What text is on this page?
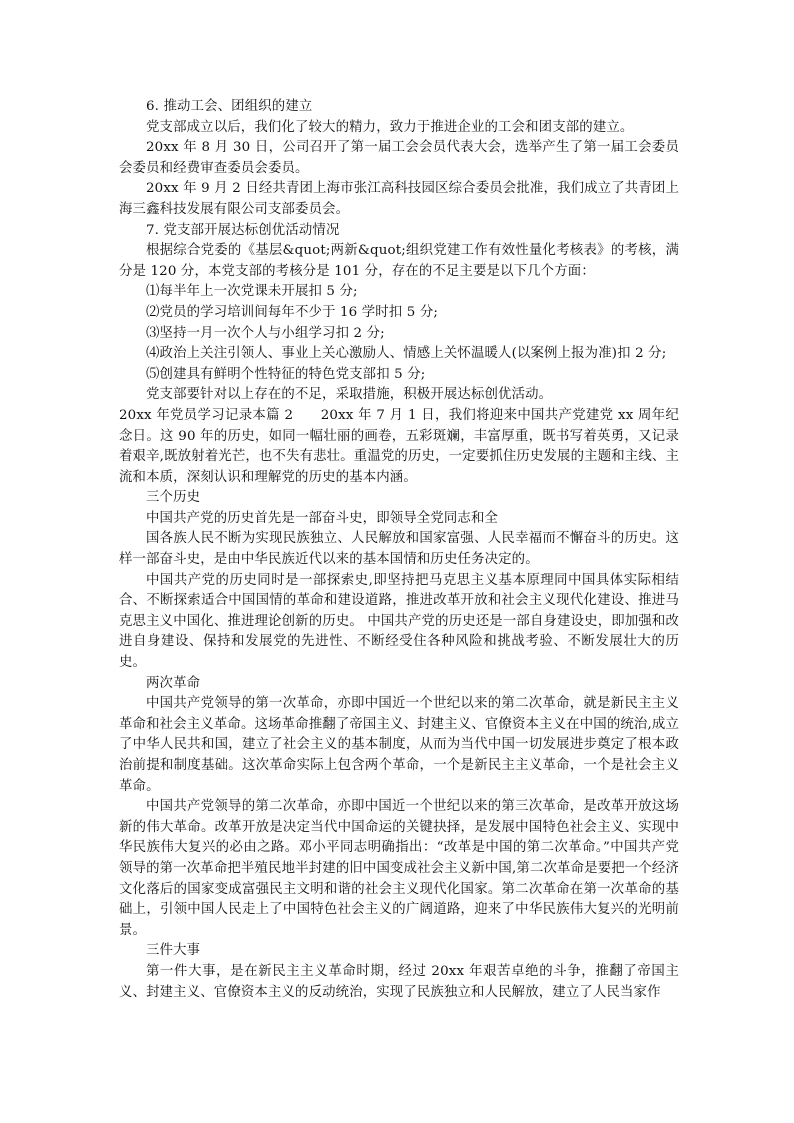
6. 推动工会、团组织的建立

党支部成立以后，我们化了较大的精力，致力于推进企业的工会和团支部的建立。

20xx 年 8 月 30 日，公司召开了第一届工会会员代表大会，选举产生了第一届工会委员会委员和经费审查委员会委员。

20xx 年 9 月 2 日经共青团上海市张江高科技园区综合委员会批准，我们成立了共青团上海三鑫科技发展有限公司支部委员会。

7. 党支部开展达标创优活动情况

根据综合党委的《基层&quot;两新&quot;组织党建工作有效性量化考核表》的考核，满分是 120 分，本党支部的考核分是 101 分，存在的不足主要是以下几个方面：

⑴每半年上一次党课未开展扣 5 分;

⑵党员的学习培训间每年不少于 16 学时扣 5 分;

⑶坚持一月一次个人与小组学习扣 2 分;

⑷政治上关注引领人、事业上关心激励人、情感上关怀温暖人(以案例上报为准)扣 2 分;

⑸创建具有鲜明个性特征的特色党支部扣 5 分;

党支部要针对以上存在的不足，采取措施，积极开展达标创优活动。

20xx 年党员学习记录本篇 2　　20xx 年 7 月 1 日，我们将迎来中国共产党建党 xx 周年纪念日。这 90 年的历史，如同一幅壮丽的画卷，五彩斑斓，丰富厚重，既书写着英勇，又记录着艰辛,既放射着光芒，也不失有悲壮。重温党的历史，一定要抓住历史发展的主题和主线、主流和本质，深刻认识和理解党的历史的基本内涵。

三个历史

中国共产党的历史首先是一部奋斗史，即领导全党同志和全

国各族人民不断为实现民族独立、人民解放和国家富强、人民幸福而不懈奋斗的历史。这样一部奋斗史，是由中华民族近代以来的基本国情和历史任务决定的。

中国共产党的历史同时是一部探索史,即坚持把马克思主义基本原理同中国具体实际相结合、不断探索适合中国国情的革命和建设道路，推进改革开放和社会主义现代化建设、推进马克思主义中国化、推进理论创新的历史。 中国共产党的历史还是一部自身建设史，即加强和改进自身建设、保持和发展党的先进性、不断经受住各种风险和挑战考验、不断发展壮大的历史。

两次革命

中国共产党领导的第一次革命，亦即中国近一个世纪以来的第二次革命，就是新民主主义革命和社会主义革命。这场革命推翻了帝国主义、封建主义、官僚资本主义在中国的统治,成立了中华人民共和国，建立了社会主义的基本制度，从而为当代中国一切发展进步奠定了根本政治前提和制度基础。这次革命实际上包含两个革命，一个是新民主主义革命，一个是社会主义革命。

中国共产党领导的第二次革命，亦即中国近一个世纪以来的第三次革命，是改革开放这场新的伟大革命。改革开放是决定当代中国命运的关键抉择，是发展中国特色社会主义、实现中华民族伟大复兴的必由之路。邓小平同志明确指出：“改革是中国的第二次革命。”中国共产党领导的第一次革命把半殖民地半封建的旧中国变成社会主义新中国,第二次革命是要把一个经济文化落后的国家变成富强民主文明和谐的社会主义现代化国家。第二次革命在第一次革命的基础上，引领中国人民走上了中国特色社会主义的广阔道路，迎来了中华民族伟大复兴的光明前景。

三件大事

第一件大事，是在新民主主义革命时期，经过 20xx 年艰苦卓绝的斗争，推翻了帝国主义、封建主义、官僚资本主义的反动统治，实现了民族独立和人民解放，建立了人民当家作
